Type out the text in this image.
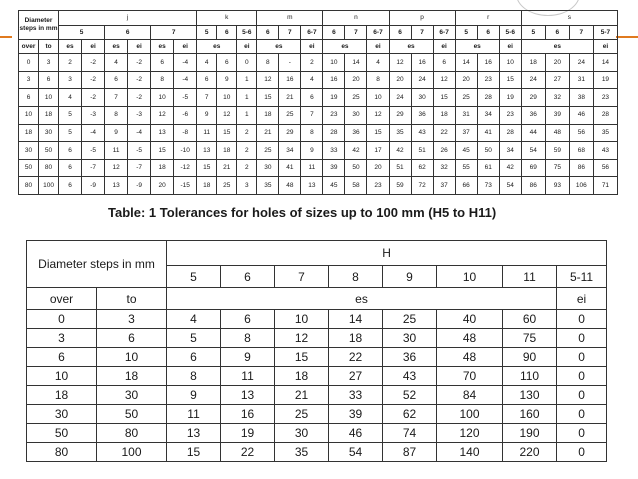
Diameter steps in mm		j						k			m			n			p			r			s			
		5		6		7		5	6	5-6	6	7	6-7	6	7	6-7	6	7	6-7	5	6	5-6	5	6	7	5-7
over	to	es	ei	es	ei	es	ei	es		ei	es		ei	es		ei	es		ei	es		ei	es			ei
0	3	2	-2	4	-2	6	-4	4	6	0	8	-	2	10	14	4	12	16	6	14	16	10	18	20	24	14
3	6	3	-2	6	-2	8	-4	6	9	1	12	16	4	16	20	8	20	24	12	20	23	15	24	27	31	19
6	10	4	-2	7	-2	10	-5	7	10	1	15	21	6	19	25	10	24	30	15	25	28	19	29	32	38	23
10	18	5	-3	8	-3	12	-6	9	12	1	18	25	7	23	30	12	29	36	18	31	34	23	36	39	46	28
18	30	5	-4	9	-4	13	-8	11	15	2	21	29	8	28	36	15	35	43	22	37	41	28	44	48	56	35
30	50	6	-5	11	-5	15	-10	13	18	2	25	34	9	33	42	17	42	51	26	45	50	34	54	59	68	43
50	80	6	-7	12	-7	18	-12	15	21	2	30	41	11	39	50	20	51	62	32	55	61	42	69	75	86	56
80	100	6	-9	13	-9	20	-15	18	25	3	35	48	13	45	58	23	59	72	37	66	73	54	86	93	106	71
Table: 1 Tolerances for holes of sizes up to 100 mm (H5 to H11)
Diameter steps in mm		H							
		5	6	7	8	9	10	11	5-11
over	to	es							ei
0	3	4	6	10	14	25	40	60	0
3	6	5	8	12	18	30	48	75	0
6	10	6	9	15	22	36	48	90	0
10	18	8	11	18	27	43	70	110	0
18	30	9	13	21	33	52	84	130	0
30	50	11	16	25	39	62	100	160	0
50	80	13	19	30	46	74	120	190	0
80	100	15	22	35	54	87	140	220	0
